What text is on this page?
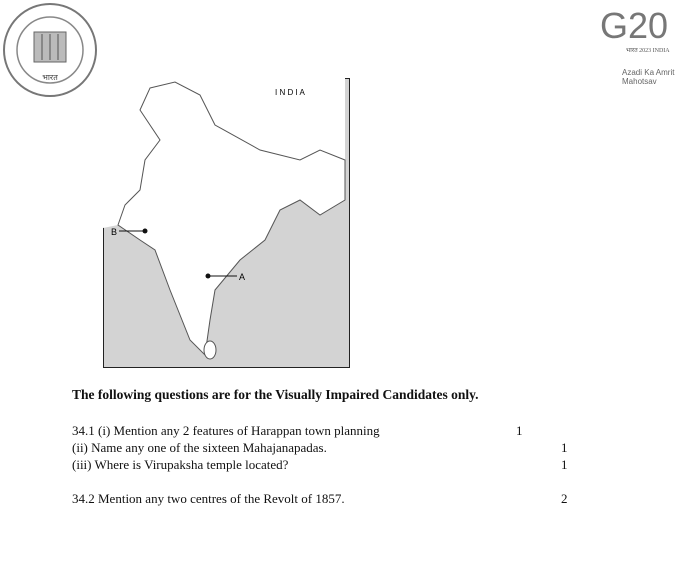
भारत
G20
भारत 2023 INDIA
Azadi Ka Amrit Mahotsav
I N D I A
B
A
The following questions are for the Visually Impaired Candidates only.
34.1 (i) Mention any 2 features of Harappan town planning	1
(ii) Name any one of the sixteen Mahajanapadas.	1
(iii) Where is Virupaksha temple located?	1
34.2 Mention any two centres of the Revolt of 1857.	2
